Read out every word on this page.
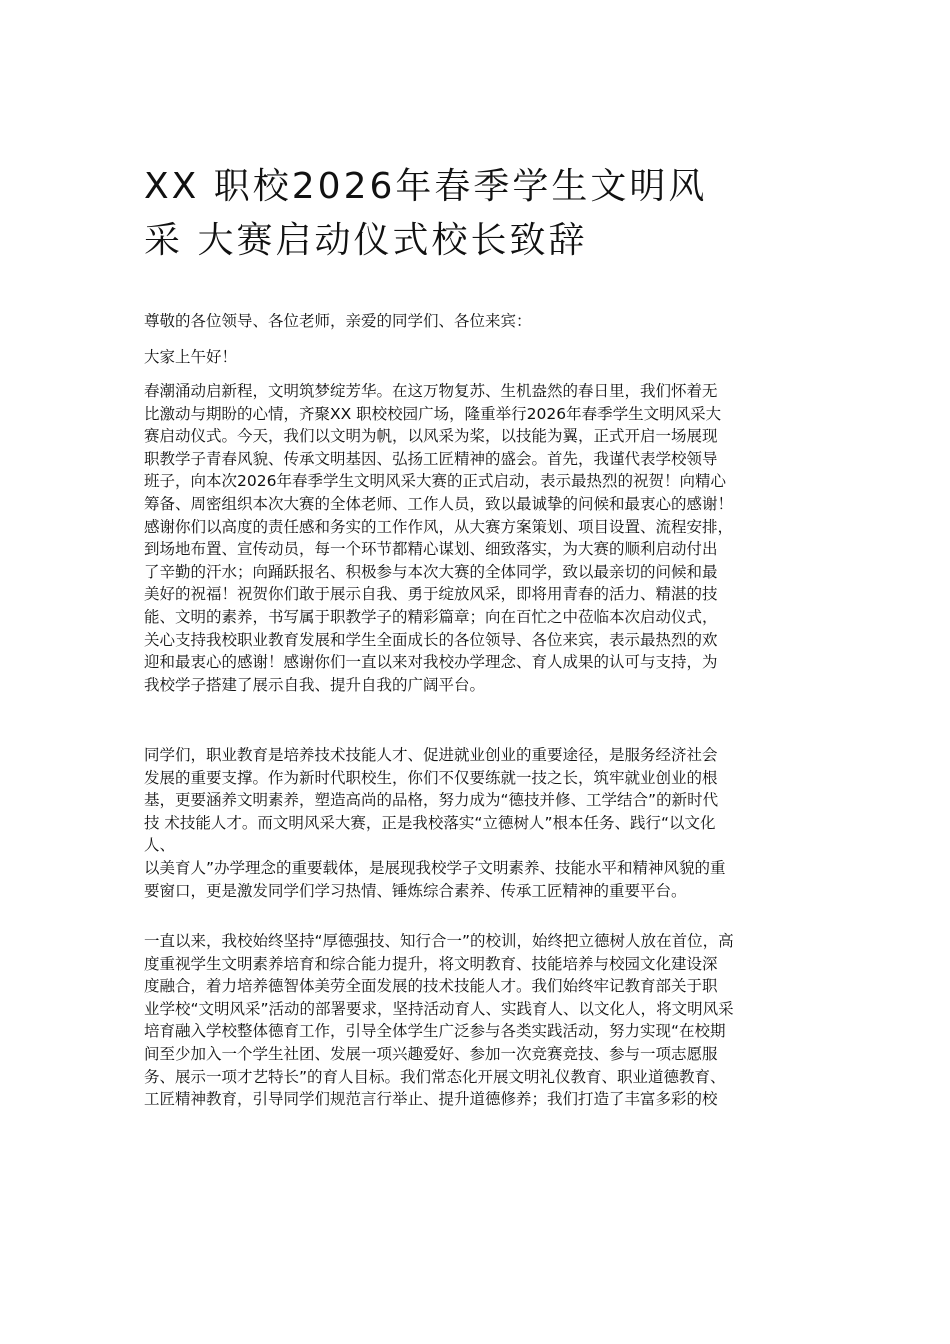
XX 职校2026年春季学生文明风
采 大赛启动仪式校长致辞

尊敬的各位领导、各位老师，亲爱的同学们、各位来宾：

大家上午好！

春潮涌动启新程，文明筑梦绽芳华。在这万物复苏、生机盎然的春日里，我们怀着无
比激动与期盼的心情，齐聚XX 职校校园广场，隆重举行2026年春季学生文明风采大
赛启动仪式。今天，我们以文明为帆，以风采为桨，以技能为翼，正式开启一场展现
职教学子青春风貌、传承文明基因、弘扬工匠精神的盛会。首先，我谨代表学校领导
班子，向本次2026年春季学生文明风采大赛的正式启动，表示最热烈的祝贺！向精心
筹备、周密组织本次大赛的全体老师、工作人员，致以最诚挚的问候和最衷心的感谢！
感谢你们以高度的责任感和务实的工作作风，从大赛方案策划、项目设置、流程安排，
到场地布置、宣传动员，每一个环节都精心谋划、细致落实，为大赛的顺利启动付出
了辛勤的汗水；向踊跃报名、积极参与本次大赛的全体同学，致以最亲切的问候和最
美好的祝福！祝贺你们敢于展示自我、勇于绽放风采，即将用青春的活力、精湛的技
能、文明的素养，书写属于职教学子的精彩篇章；向在百忙之中莅临本次启动仪式，
关心支持我校职业教育发展和学生全面成长的各位领导、各位来宾，表示最热烈的欢
迎和最衷心的感谢！感谢你们一直以来对我校办学理念、育人成果的认可与支持，为
我校学子搭建了展示自我、提升自我的广阔平台。
同学们，职业教育是培养技术技能人才、促进就业创业的重要途径，是服务经济社会
发展的重要支撑。作为新时代职校生，你们不仅要练就一技之长，筑牢就业创业的根
基，更要涵养文明素养，塑造高尚的品格，努力成为“德技并修、工学结合”的新时代
技 术技能人才。而文明风采大赛，正是我校落实“立德树人”根本任务、践行“以文化
人、
以美育人”办学理念的重要载体，是展现我校学子文明素养、技能水平和精神风貌的重
要窗口，更是激发同学们学习热情、锤炼综合素养、传承工匠精神的重要平台。
一直以来，我校始终坚持“厚德强技、知行合一”的校训，始终把立德树人放在首位，高
度重视学生文明素养培育和综合能力提升，将文明教育、技能培养与校园文化建设深
度融合，着力培养德智体美劳全面发展的技术技能人才。我们始终牢记教育部关于职
业学校“文明风采”活动的部署要求，坚持活动育人、实践育人、以文化人，将文明风采
培育融入学校整体德育工作，引导全体学生广泛参与各类实践活动，努力实现“在校期
间至少加入一个学生社团、发展一项兴趣爱好、参加一次竞赛竞技、参与一项志愿服
务、展示一项才艺特长”的育人目标。我们常态化开展文明礼仪教育、职业道德教育、
工匠精神教育，引导同学们规范言行举止、提升道德修养；我们打造了丰富多彩的校
